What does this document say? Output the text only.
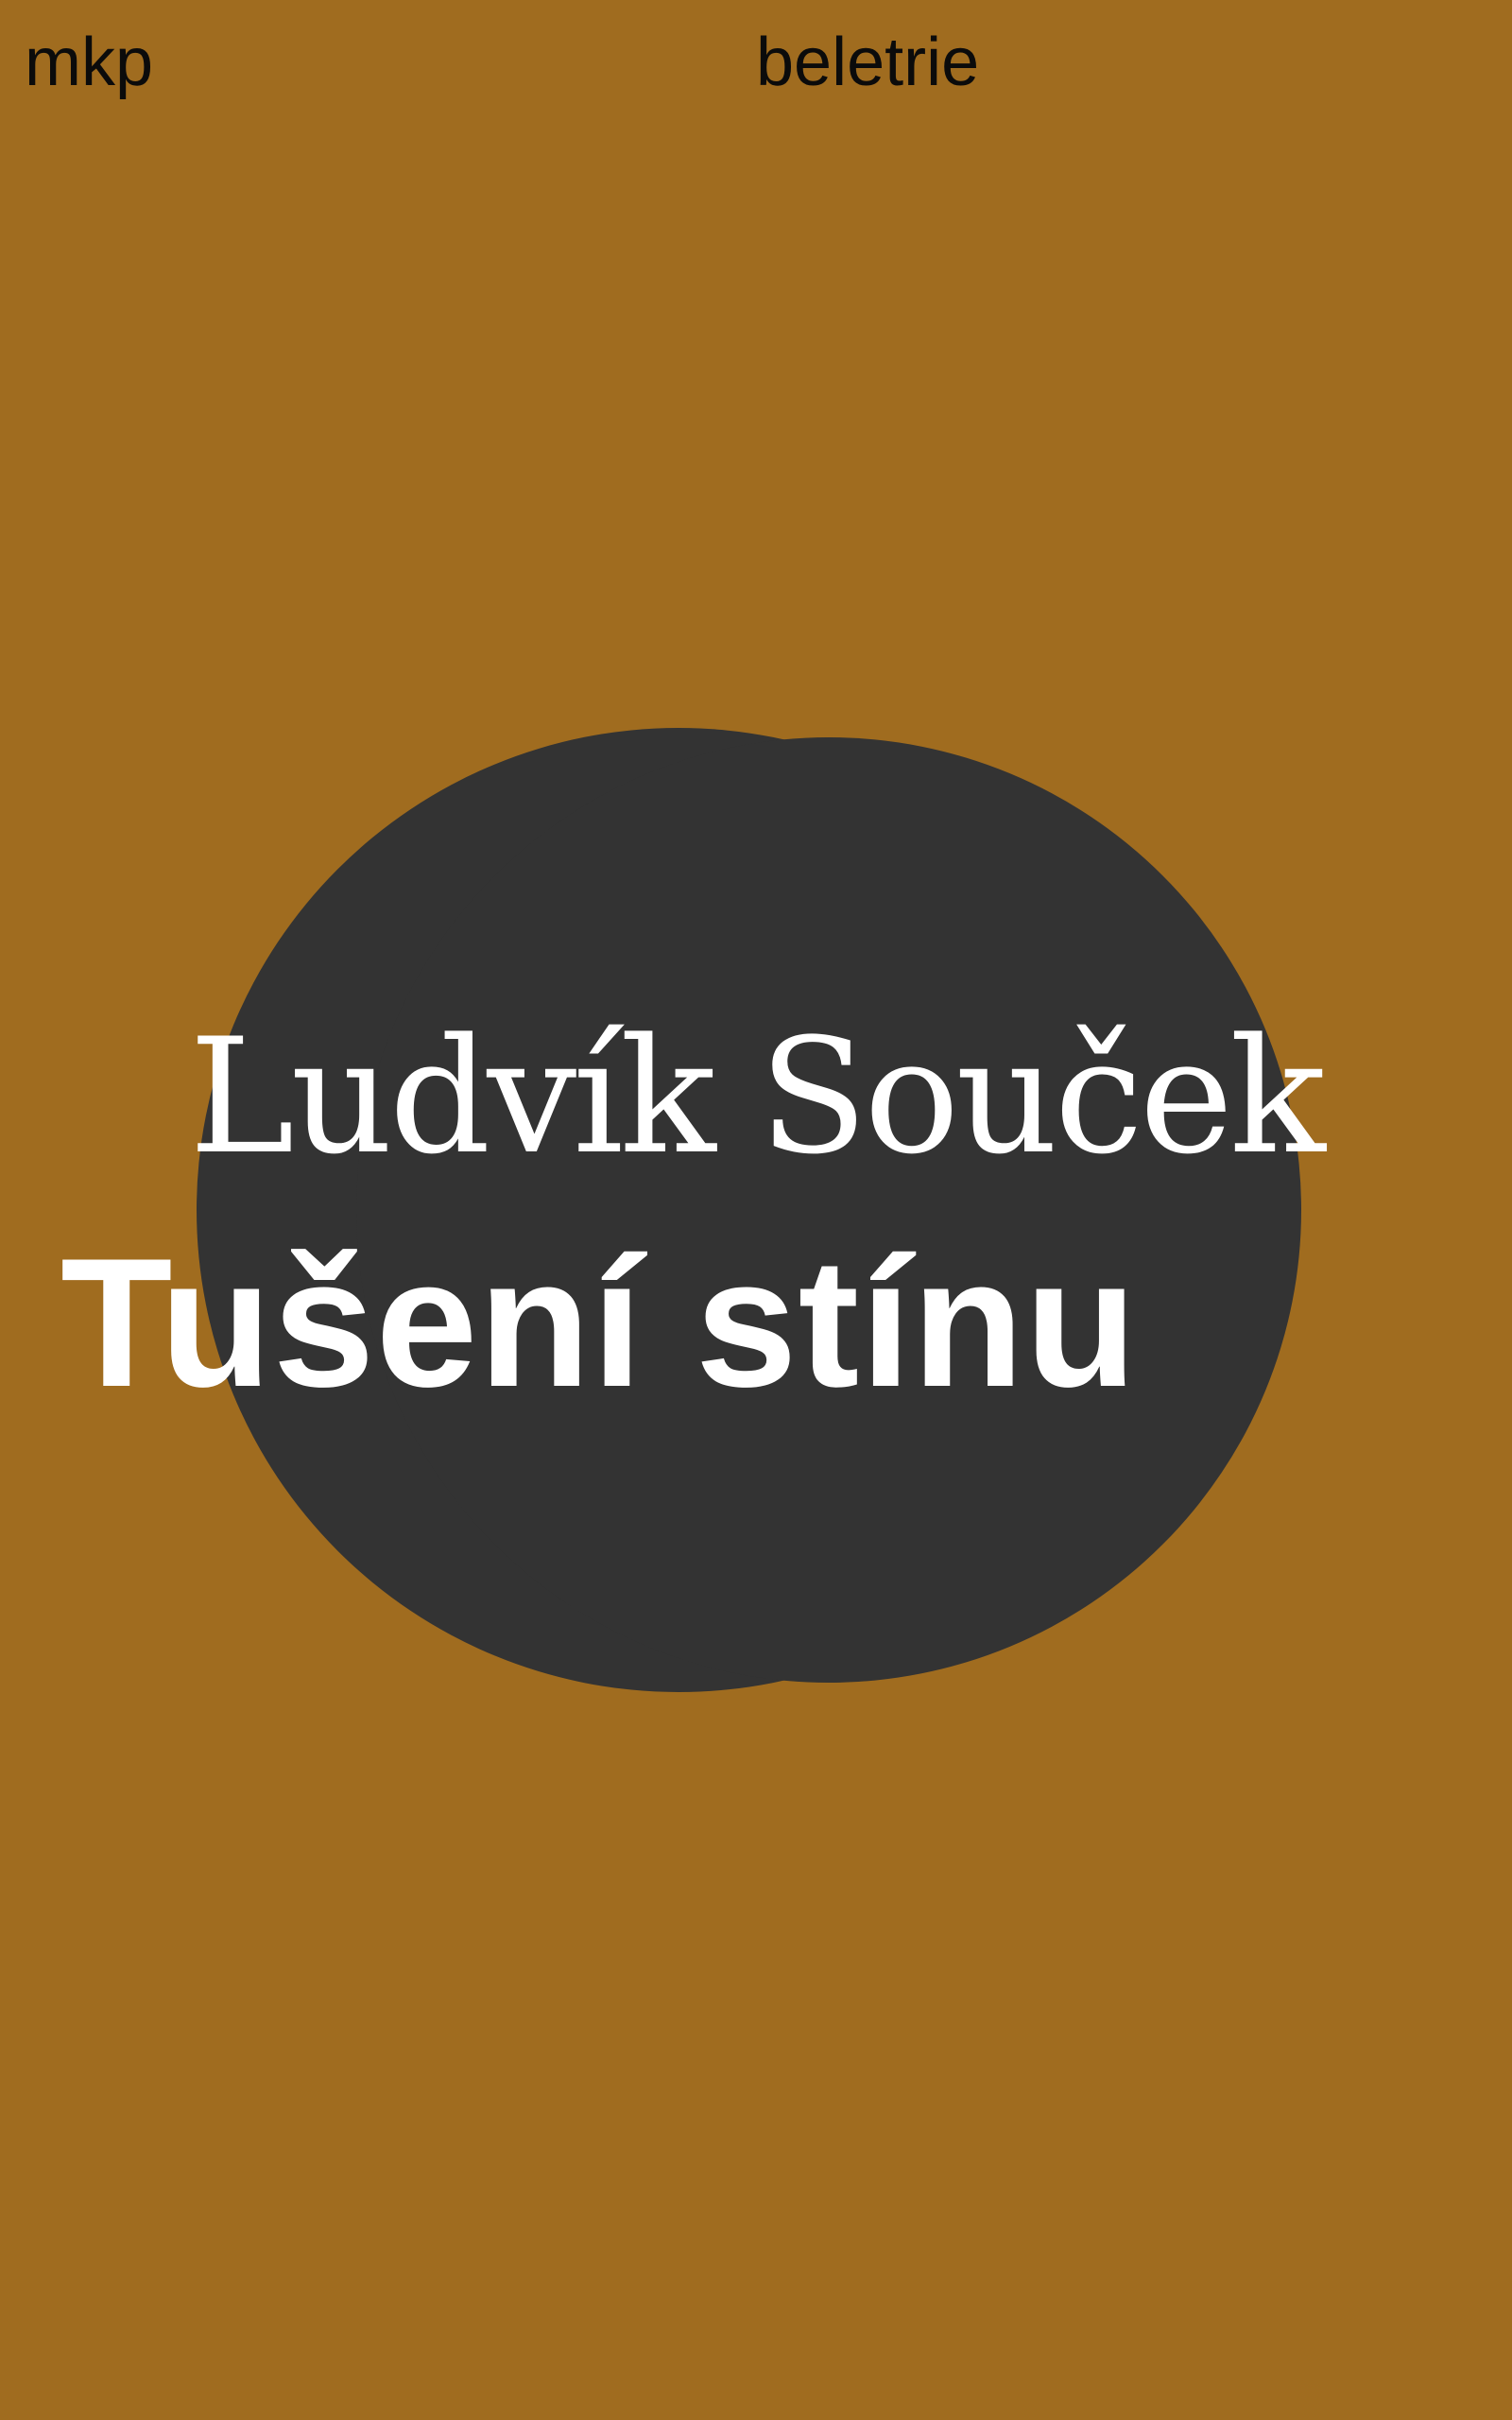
mkp	beletrie
Ludvík Souček
Tušení stínu
